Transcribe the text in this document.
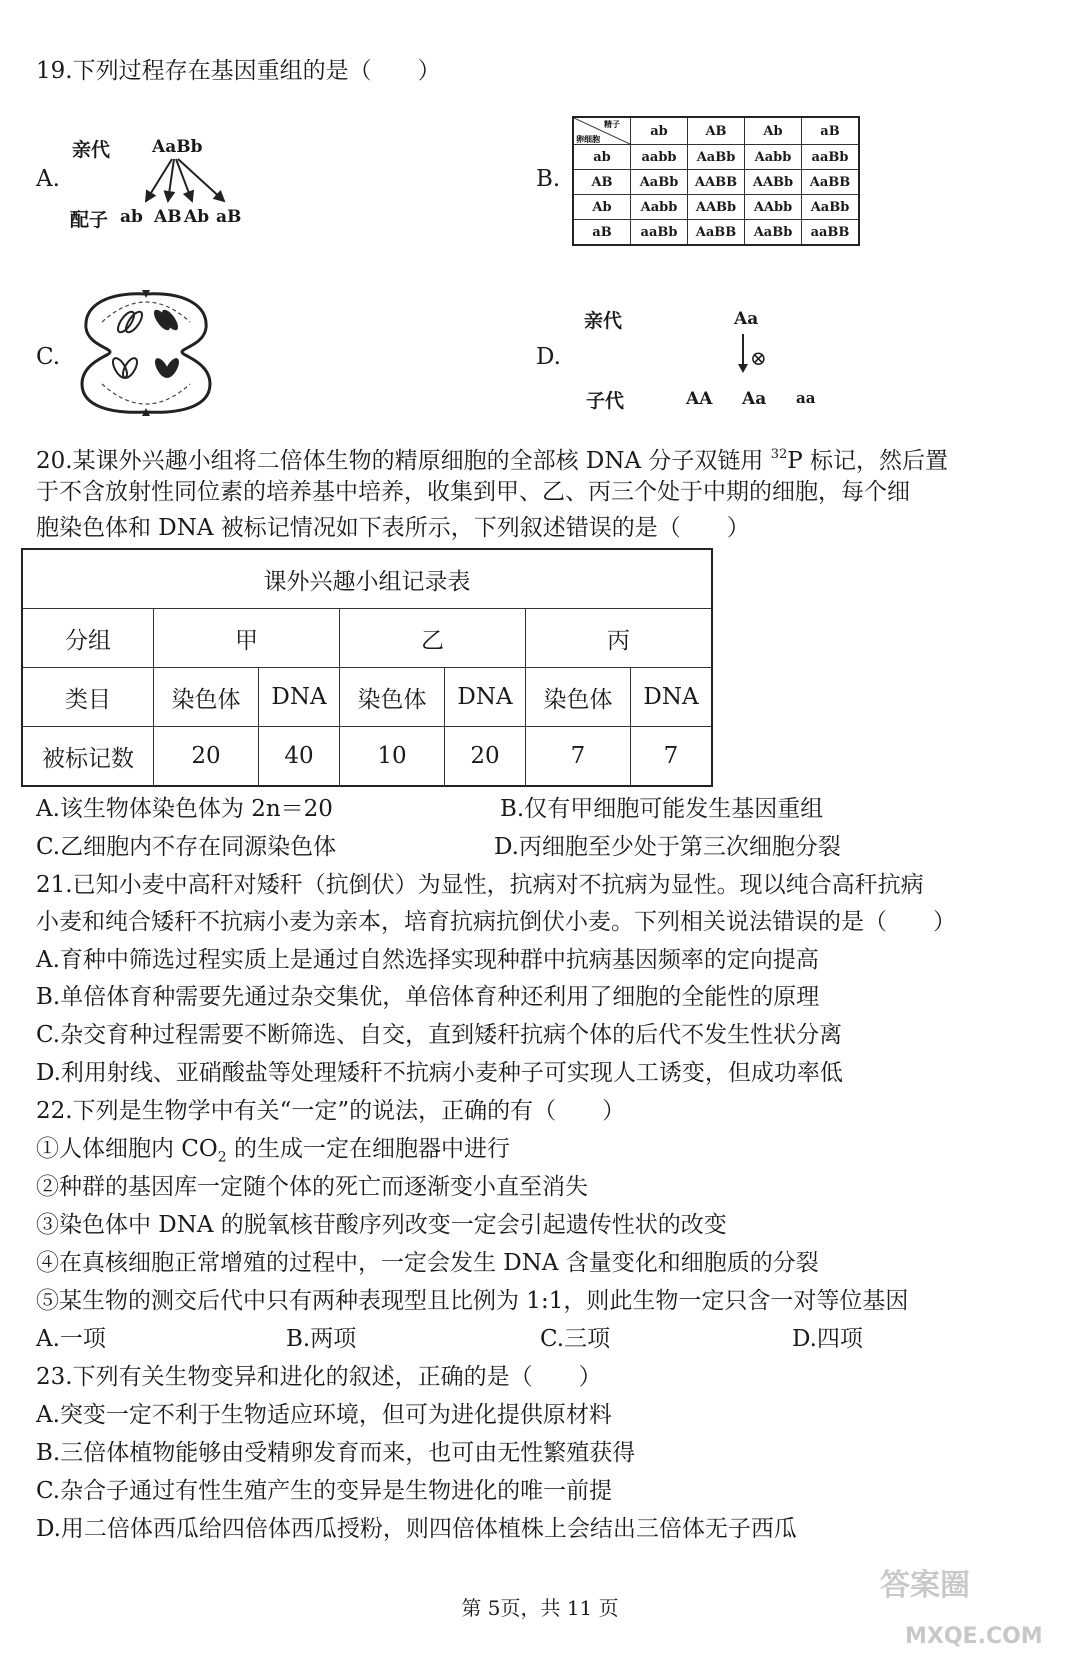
19.下列过程存在基因重组的是（　　）
A.
亲代 AaBb
配子 ab AB Ab aB
B.
精子
卵细胞	ab	AB	Ab	aB
ab	aabb	AaBb	Aabb	aaBb
AB	AaBb	AABB	AABb	AaBB
Ab	Aabb	AABb	AAbb	AaBb
aB	aaBb	AaBB	AaBb	aaBB
C.	D.
亲代	Aa
⊗
子代	AA Aa aa
20.某课外兴趣小组将二倍体生物的精原细胞的全部核 DNA 分子双链用 $^{32}$P 标记，然后置
于不含放射性同位素的培养基中培养，收集到甲、乙、丙三个处于中期的细胞，每个细
胞染色体和 DNA 被标记情况如下表所示，下列叙述错误的是（　　）
课外兴趣小组记录表						
分组	甲		乙		丙	
类目	染色体	DNA	染色体	DNA	染色体	DNA
被标记数	20	40	10	20	7	7
A.该生物体染色体为 2n＝20	B.仅有甲细胞可能发生基因重组
C.乙细胞内不存在同源染色体	D.丙细胞至少处于第三次细胞分裂
21.已知小麦中高秆对矮秆（抗倒伏）为显性，抗病对不抗病为显性。现以纯合高秆抗病
小麦和纯合矮秆不抗病小麦为亲本，培育抗病抗倒伏小麦。下列相关说法错误的是（　　）
A.育种中筛选过程实质上是通过自然选择实现种群中抗病基因频率的定向提高
B.单倍体育种需要先通过杂交集优，单倍体育种还利用了细胞的全能性的原理
C.杂交育种过程需要不断筛选、自交，直到矮秆抗病个体的后代不发生性状分离
D.利用射线、亚硝酸盐等处理矮秆不抗病小麦种子可实现人工诱变，但成功率低
22.下列是生物学中有关“一定”的说法，正确的有（　　）
①人体细胞内 $CO_2$ 的生成一定在细胞器中进行
②种群的基因库一定随个体的死亡而逐渐变小直至消失
③染色体中 DNA 的脱氧核苷酸序列改变一定会引起遗传性状的改变
④在真核细胞正常增殖的过程中，一定会发生 DNA 含量变化和细胞质的分裂
⑤某生物的测交后代中只有两种表现型且比例为 1:1，则此生物一定只含一对等位基因
A.一项	B.两项	C.三项	D.四项
23.下列有关生物变异和进化的叙述，正确的是（　　）
A.突变一定不利于生物适应环境，但可为进化提供原材料
B.三倍体植物能够由受精卵发育而来，也可由无性繁殖获得
C.杂合子通过有性生殖产生的变异是生物进化的唯一前提
D.用二倍体西瓜给四倍体西瓜授粉，则四倍体植株上会结出三倍体无子西瓜
第 5页，共 11 页
答案圈
MXQE.COM
